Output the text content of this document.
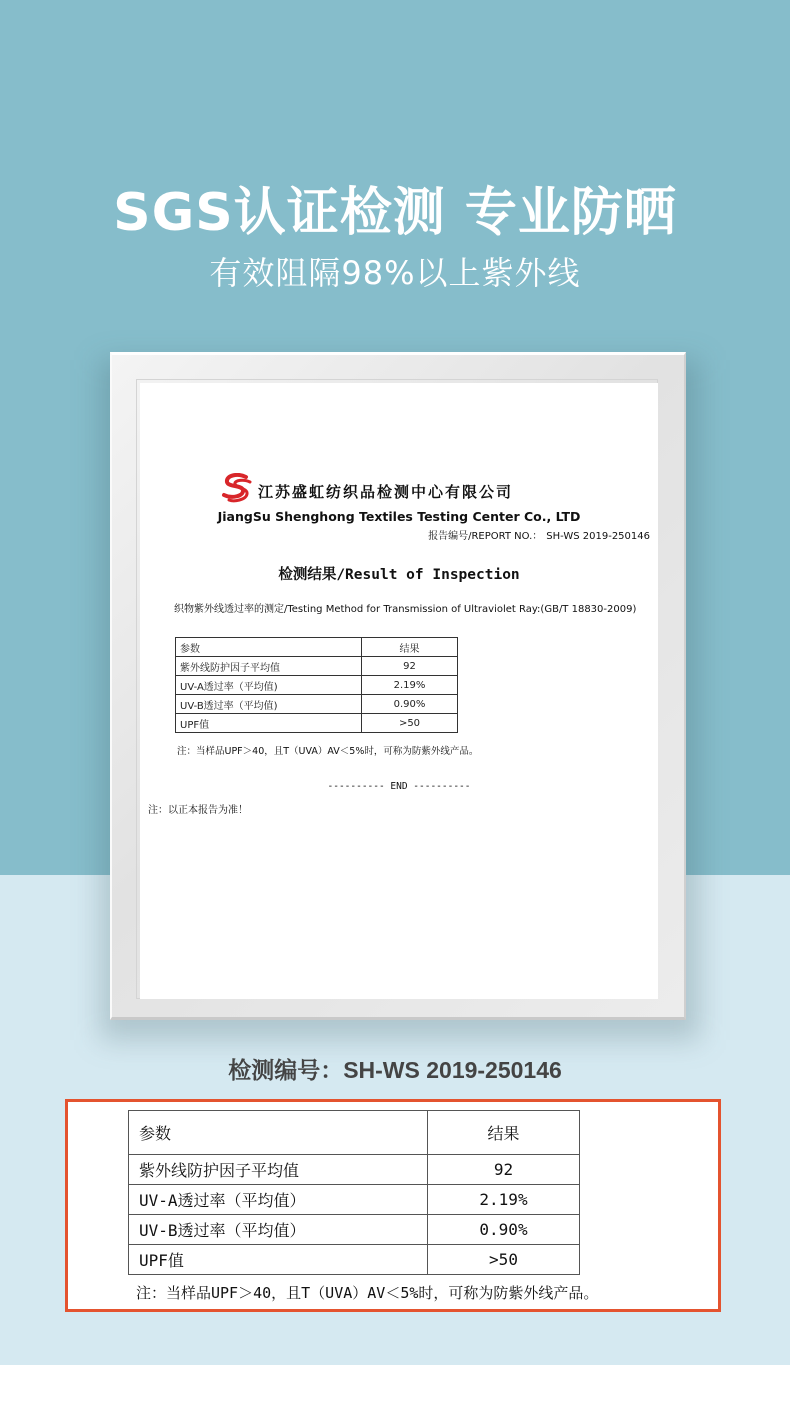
SGS认证检测 专业防晒
有效阻隔98%以上紫外线
江苏盛虹纺织品检测中心有限公司
JiangSu Shenghong Textiles Testing Center Co., LTD
报告编号/REPORT NO.： SH-WS 2019-250146
检测结果/Result of Inspection
织物紫外线透过率的测定/Testing Method for Transmission of Ultraviolet Ray:(GB/T 18830-2009)
参数	结果
紫外线防护因子平均值	92
UV-A透过率（平均值)	2.19%
UV-B透过率（平均值)	0.90%
UPF值	>50
注：当样品UPF＞40，且T（UVA）AV＜5%时，可称为防紫外线产品。
---------- END ----------
注：以正本报告为准！
检测编号：SH-WS 2019-250146
参数	结果
紫外线防护因子平均值	92
UV-A透过率（平均值）	2.19%
UV-B透过率（平均值）	0.90%
UPF值	>50
注：当样品UPF＞40，且T（UVA）AV＜5%时，可称为防紫外线产品。
